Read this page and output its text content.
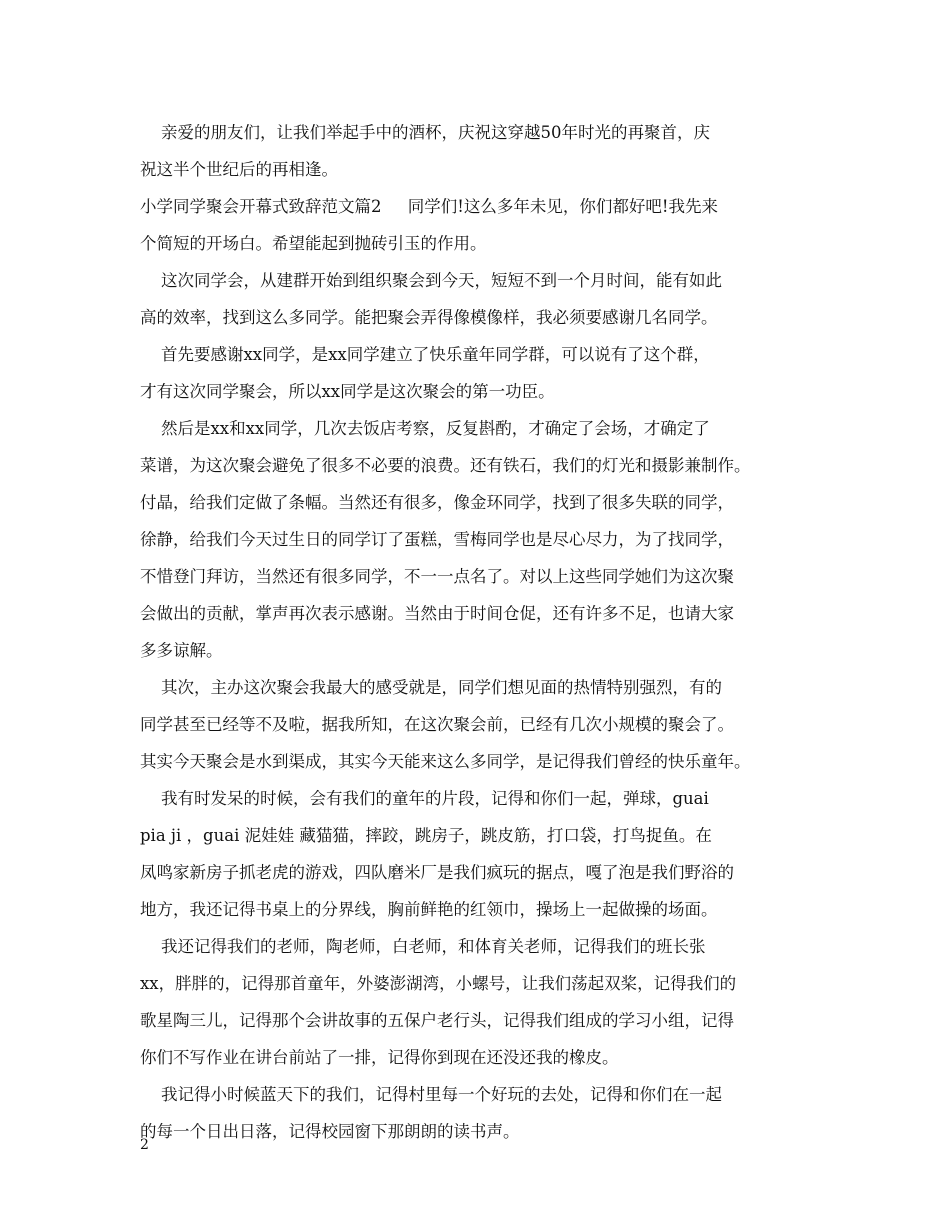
亲爱的朋友们，让我们举起手中的酒杯，庆祝这穿越50年时光的再聚首，庆
祝这半个世纪后的再相逢。
小学同学聚会开幕式致辞范文篇2     同学们!这么多年未见，你们都好吧!我先来
个简短的开场白。希望能起到抛砖引玉的作用。
这次同学会，从建群开始到组织聚会到今天，短短不到一个月时间，能有如此
高的效率，找到这么多同学。能把聚会弄得像模像样，我必须要感谢几名同学。
首先要感谢xx同学，是xx同学建立了快乐童年同学群，可以说有了这个群，
才有这次同学聚会，所以xx同学是这次聚会的第一功臣。
然后是xx和xx同学，几次去饭店考察，反复斟酌，才确定了会场，才确定了
菜谱，为这次聚会避免了很多不必要的浪费。还有铁石，我们的灯光和摄影兼制作。
付晶，给我们定做了条幅。当然还有很多，像金环同学，找到了很多失联的同学，
徐静，给我们今天过生日的同学订了蛋糕，雪梅同学也是尽心尽力，为了找同学，
不惜登门拜访，当然还有很多同学，不一一点名了。对以上这些同学她们为这次聚
会做出的贡献，掌声再次表示感谢。当然由于时间仓促，还有许多不足，也请大家
多多谅解。
其次，主办这次聚会我最大的感受就是，同学们想见面的热情特别强烈，有的
同学甚至已经等不及啦，据我所知，在这次聚会前，已经有几次小规模的聚会了。
其实今天聚会是水到渠成，其实今天能来这么多同学，是记得我们曾经的快乐童年。
我有时发呆的时候，会有我们的童年的片段，记得和你们一起，弹球，guai
pia ji ，guai 泥娃娃 藏猫猫，摔跤，跳房子，跳皮筋，打口袋，打鸟捉鱼。在
凤鸣家新房子抓老虎的游戏，四队磨米厂是我们疯玩的据点，嘎了泡是我们野浴的
地方，我还记得书桌上的分界线，胸前鲜艳的红领巾，操场上一起做操的场面。
我还记得我们的老师，陶老师，白老师，和体育关老师，记得我们的班长张
xx，胖胖的，记得那首童年，外婆澎湖湾，小螺号，让我们荡起双桨，记得我们的
歌星陶三儿，记得那个会讲故事的五保户老行头，记得我们组成的学习小组，记得
你们不写作业在讲台前站了一排，记得你到现在还没还我的橡皮。
我记得小时候蓝天下的我们，记得村里每一个好玩的去处，记得和你们在一起
的每一个日出日落，记得校园窗下那朗朗的读书声。
2
